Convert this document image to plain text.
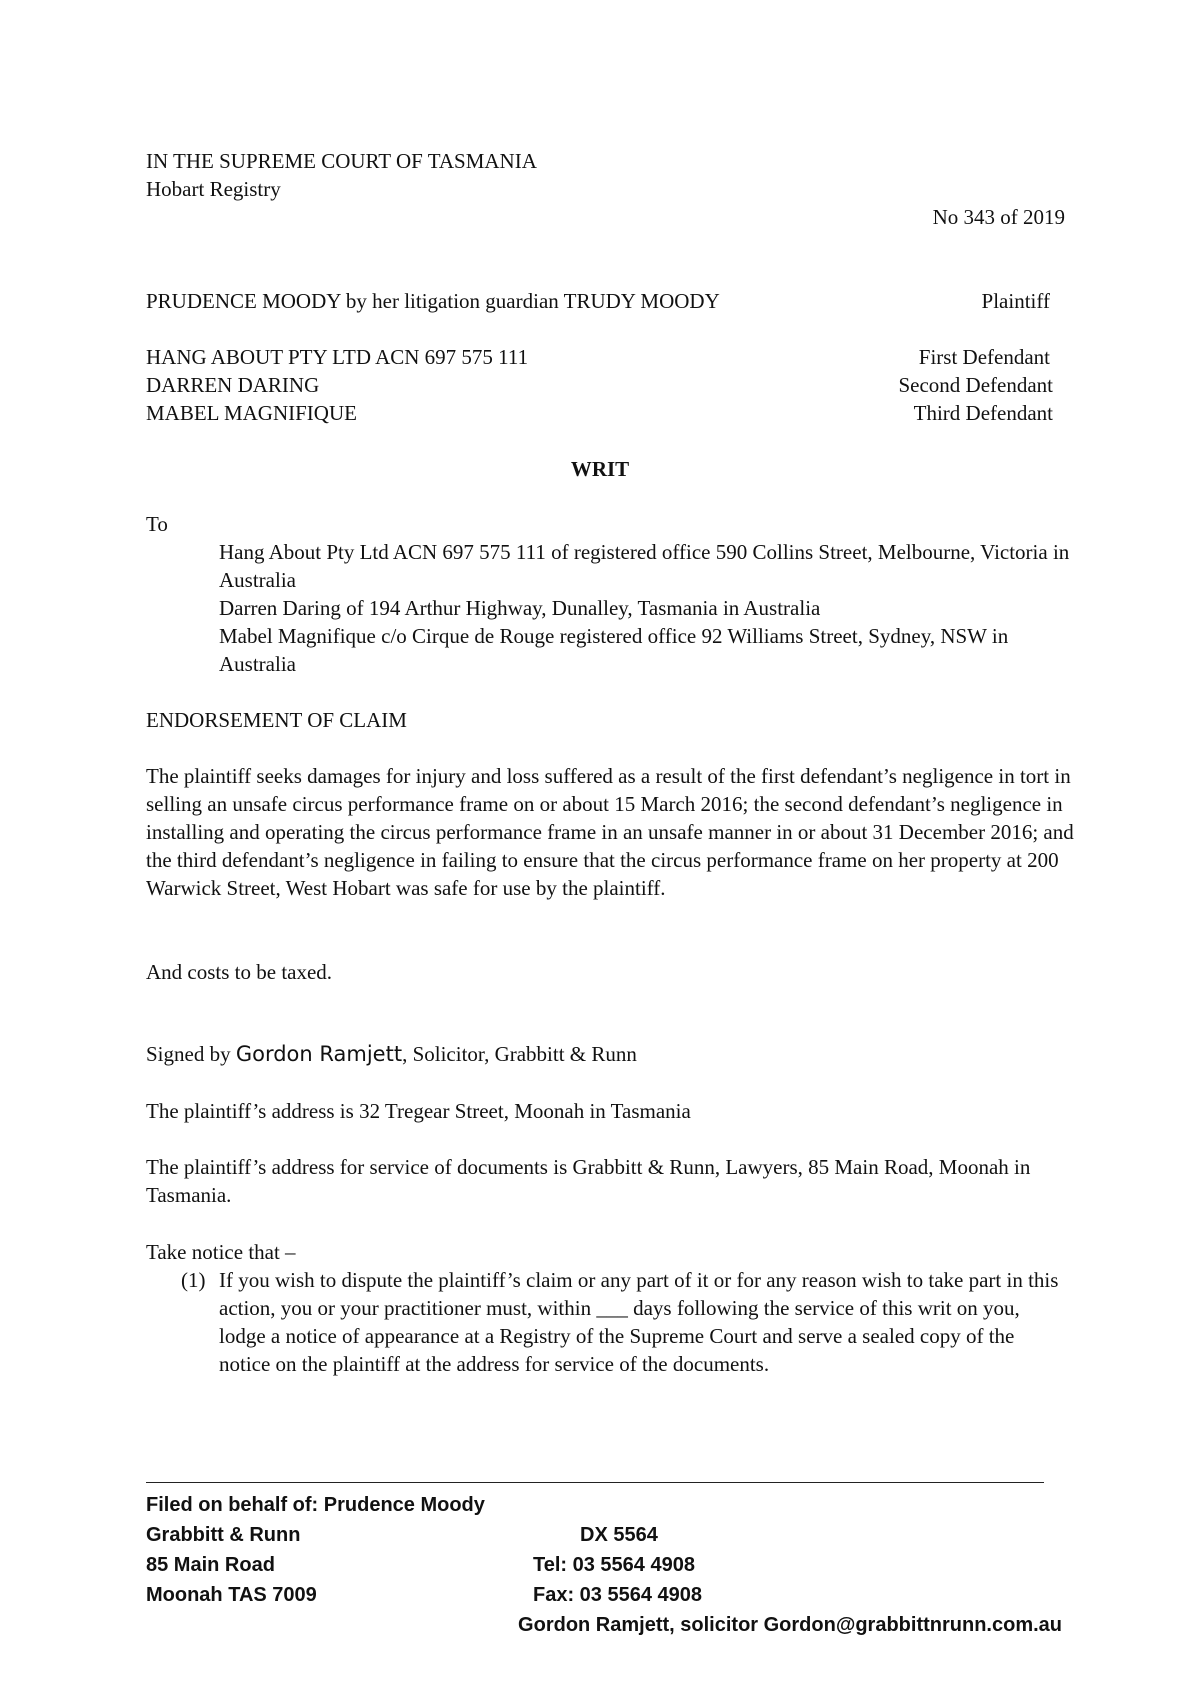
IN THE SUPREME COURT OF TASMANIA
Hobart Registry
No 343 of 2019
PRUDENCE MOODY by her litigation guardian TRUDY MOODY	Plaintiff
HANG ABOUT PTY LTD ACN 697 575 111	First Defendant
DARREN DARING	Second Defendant
MABEL MAGNIFIQUE	Third Defendant
WRIT
To
Hang About Pty Ltd ACN 697 575 111 of registered office 590 Collins Street, Melbourne, Victoria in Australia
Darren Daring of 194 Arthur Highway, Dunalley, Tasmania in Australia
Mabel Magnifique c/o Cirque de Rouge registered office 92 Williams Street, Sydney, NSW in Australia
ENDORSEMENT OF CLAIM
The plaintiff seeks damages for injury and loss suffered as a result of the first defendant’s negligence in tort in selling an unsafe circus performance frame on or about 15 March 2016; the second defendant’s negligence in installing and operating the circus performance frame in an unsafe manner in or about 31 December 2016; and the third defendant’s negligence in failing to ensure that the circus performance frame on her property at 200 Warwick Street, West Hobart was safe for use by the plaintiff.
And costs to be taxed.
Signed by Gordon Ramjett, Solicitor, Grabbitt & Runn
The plaintiff’s address is 32 Tregear Street, Moonah in Tasmania
The plaintiff’s address for service of documents is Grabbitt & Runn, Lawyers, 85 Main Road, Moonah in Tasmania.
Take notice that –
(1) If you wish to dispute the plaintiff’s claim or any part of it or for any reason wish to take part in this action, you or your practitioner must, within ___ days following the service of this writ on you, lodge a notice of appearance at a Registry of the Supreme Court and serve a sealed copy of the notice on the plaintiff at the address for service of the documents.
Filed on behalf of: Prudence Moody
Grabbitt & Runn
85 Main Road
Moonah TAS 7009
DX 5564
Tel: 03 5564 4908
Fax: 03 5564 4908
Gordon Ramjett, solicitor Gordon@grabbittnrunn.com.au
